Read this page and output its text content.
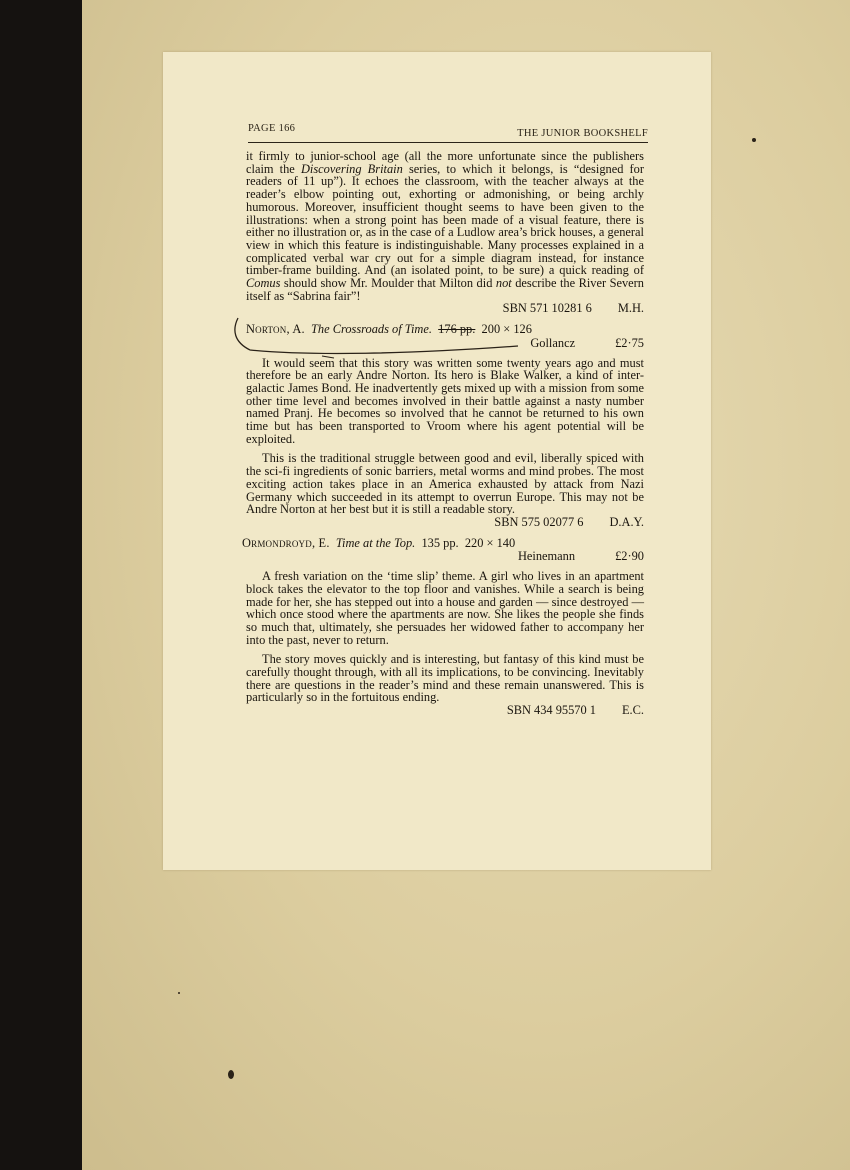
PAGE 166	THE JUNIOR BOOKSHELF

it firmly to junior-school age (all the more unfortunate since the publishers claim the Discovering Britain series, to which it belongs, is “designed for readers of 11 up”). It echoes the classroom, with the teacher always at the reader’s elbow pointing out, exhorting or admonishing, or being archly humorous. Moreover, insufficient thought seems to have been given to the illustrations: when a strong point has been made of a visual feature, there is either no illustration or, as in the case of a Ludlow area’s brick houses, a general view in which this feature is indistinguishable. Many processes explained in a complicated verbal war cry out for a simple diagram instead, for instance timber-frame building. And (an isolated point, to be sure) a quick reading of Comus should show Mr. Moulder that Milton did not describe the River Severn itself as “Sabrina fair”!

SBN 571 10281 6 M.H.
Norton, A. The Crossroads of Time. 176 pp. 200 × 126
Gollancz	£2·75

It would seem that this story was written some twenty years ago and must therefore be an early Andre Norton. Its hero is Blake Walker, a kind of inter-galactic James Bond. He inadvertently gets mixed up with a mission from some other time level and becomes involved in their battle against a nasty number named Pranj. He becomes so involved that he cannot be returned to his own time but has been transported to Vroom where his agent potential will be exploited.

This is the traditional struggle between good and evil, liberally spiced with the sci-fi ingredients of sonic barriers, metal worms and mind probes. The most exciting action takes place in an America exhausted by attack from Nazi Germany which succeeded in its attempt to overrun Europe. This may not be Andre Norton at her best but it is still a readable story.

SBN 575 02077 6 D.A.Y.
Ormondroyd, E. Time at the Top. 135 pp. 220 × 140
Heinemann	£2·90

A fresh variation on the ‘time slip’ theme. A girl who lives in an apartment block takes the elevator to the top floor and vanishes. While a search is being made for her, she has stepped out into a house and garden — since destroyed — which once stood where the apartments are now. She likes the people she finds so much that, ultimately, she persuades her widowed father to accompany her into the past, never to return.

The story moves quickly and is interesting, but fantasy of this kind must be carefully thought through, with all its implications, to be convincing. Inevitably there are questions in the reader’s mind and these remain unanswered. This is particularly so in the fortuitous ending.

SBN 434 95570 1 E.C.
